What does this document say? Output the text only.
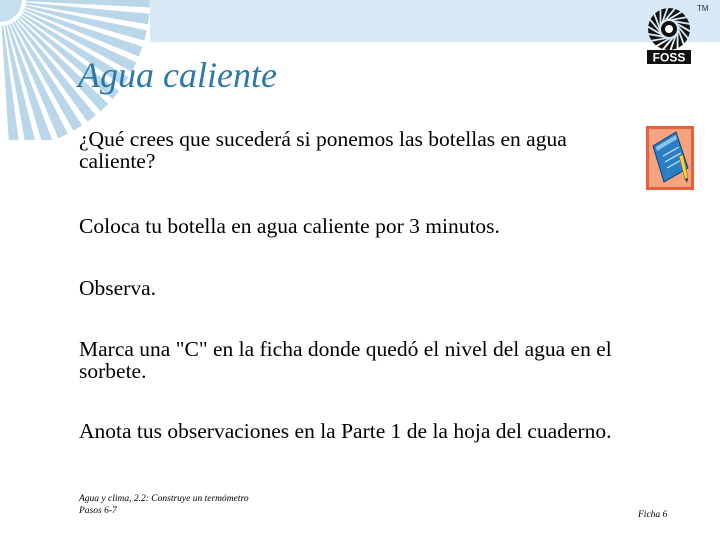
Agua caliente	FOSS
TM

¿Qué crees que sucederá si ponemos las botellas en agua caliente?

Coloca tu botella en agua caliente por 3 minutos.

Observa.

Marca una "C" en la ficha donde quedó el nivel del agua en el sorbete.

Anota tus observaciones en la Parte 1 de la hoja del cuaderno.

Agua y clima, 2.2: Construye un termómetro
Pasos 6-7	Ficha 6
